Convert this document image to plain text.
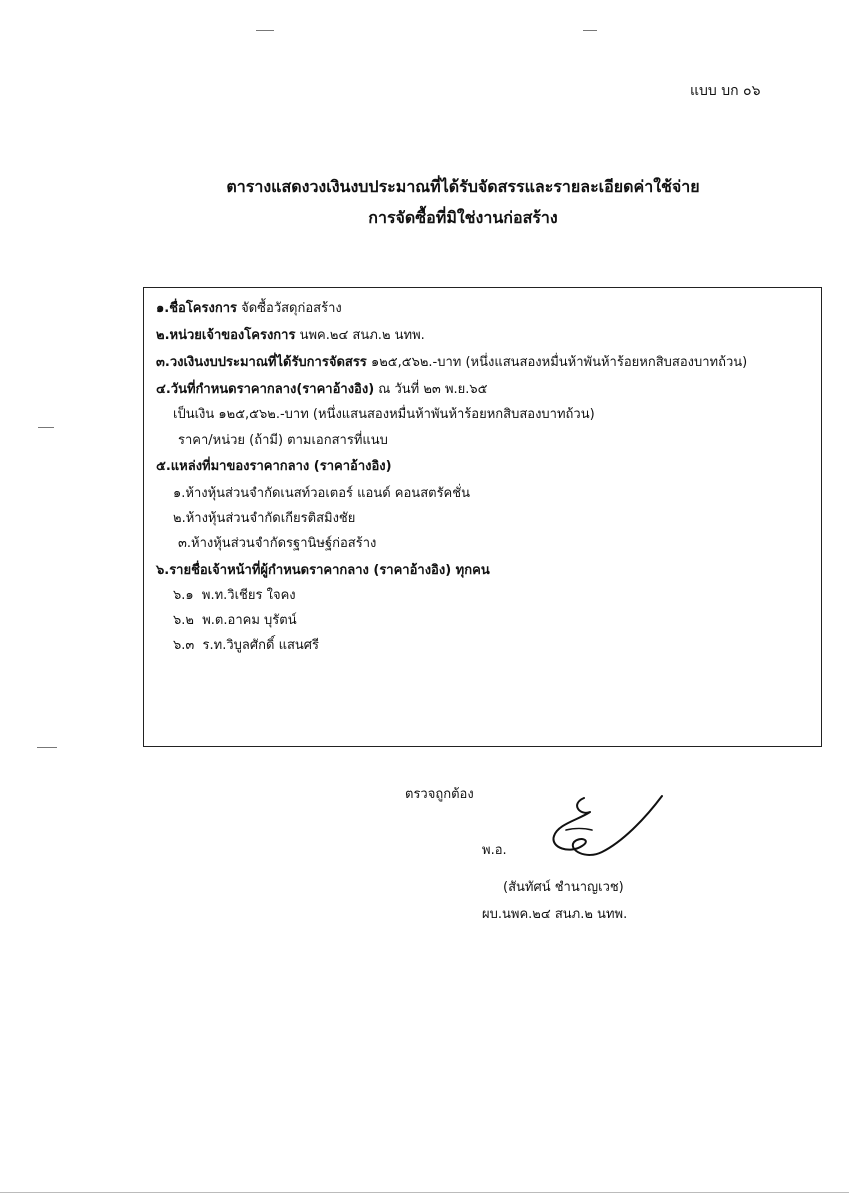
แบบ บก ๐๖
ตารางแสดงวงเงินงบประมาณที่ได้รับจัดสรรและรายละเอียดค่าใช้จ่าย
การจัดซื้อที่มิใช่งานก่อสร้าง
๑.ชื่อโครงการ จัดซื้อวัสดุก่อสร้าง
๒.หน่วยเจ้าของโครงการ นพค.๒๔ สนภ.๒ นทพ.
๓.วงเงินงบประมาณที่ได้รับการจัดสรร ๑๒๕,๕๖๒.-บาท (หนึ่งแสนสองหมื่นห้าพันห้าร้อยหกสิบสองบาทถ้วน)
๔.วันที่กำหนดราคากลาง(ราคาอ้างอิง) ณ วันที่ ๒๓ พ.ย.๖๕
เป็นเงิน ๑๒๕,๕๖๒.-บาท (หนึ่งแสนสองหมื่นห้าพันห้าร้อยหกสิบสองบาทถ้วน)
ราคา/หน่วย (ถ้ามี) ตามเอกสารที่แนบ
๕.แหล่งที่มาของราคากลาง (ราคาอ้างอิง)
๑.ห้างหุ้นส่วนจำกัดเนสท์วอเตอร์ แอนด์ คอนสตรัคชั่น
๒.ห้างหุ้นส่วนจำกัดเกียรติสมิงชัย
๓.ห้างหุ้นส่วนจำกัดรฐานิษฐ์ก่อสร้าง
๖.รายชื่อเจ้าหน้าที่ผู้กำหนดราคากลาง (ราคาอ้างอิง) ทุกคน
๖.๑ พ.ท.วิเชียร ใจคง
๖.๒ พ.ต.อาคม บุรัตน์
๖.๓ ร.ท.วิบูลศักดิ์ แสนศรี
ตรวจถูกต้อง
พ.อ.
(สันทัศน์ ชำนาญเวช)
ผบ.นพค.๒๔ สนภ.๒ นทพ.
